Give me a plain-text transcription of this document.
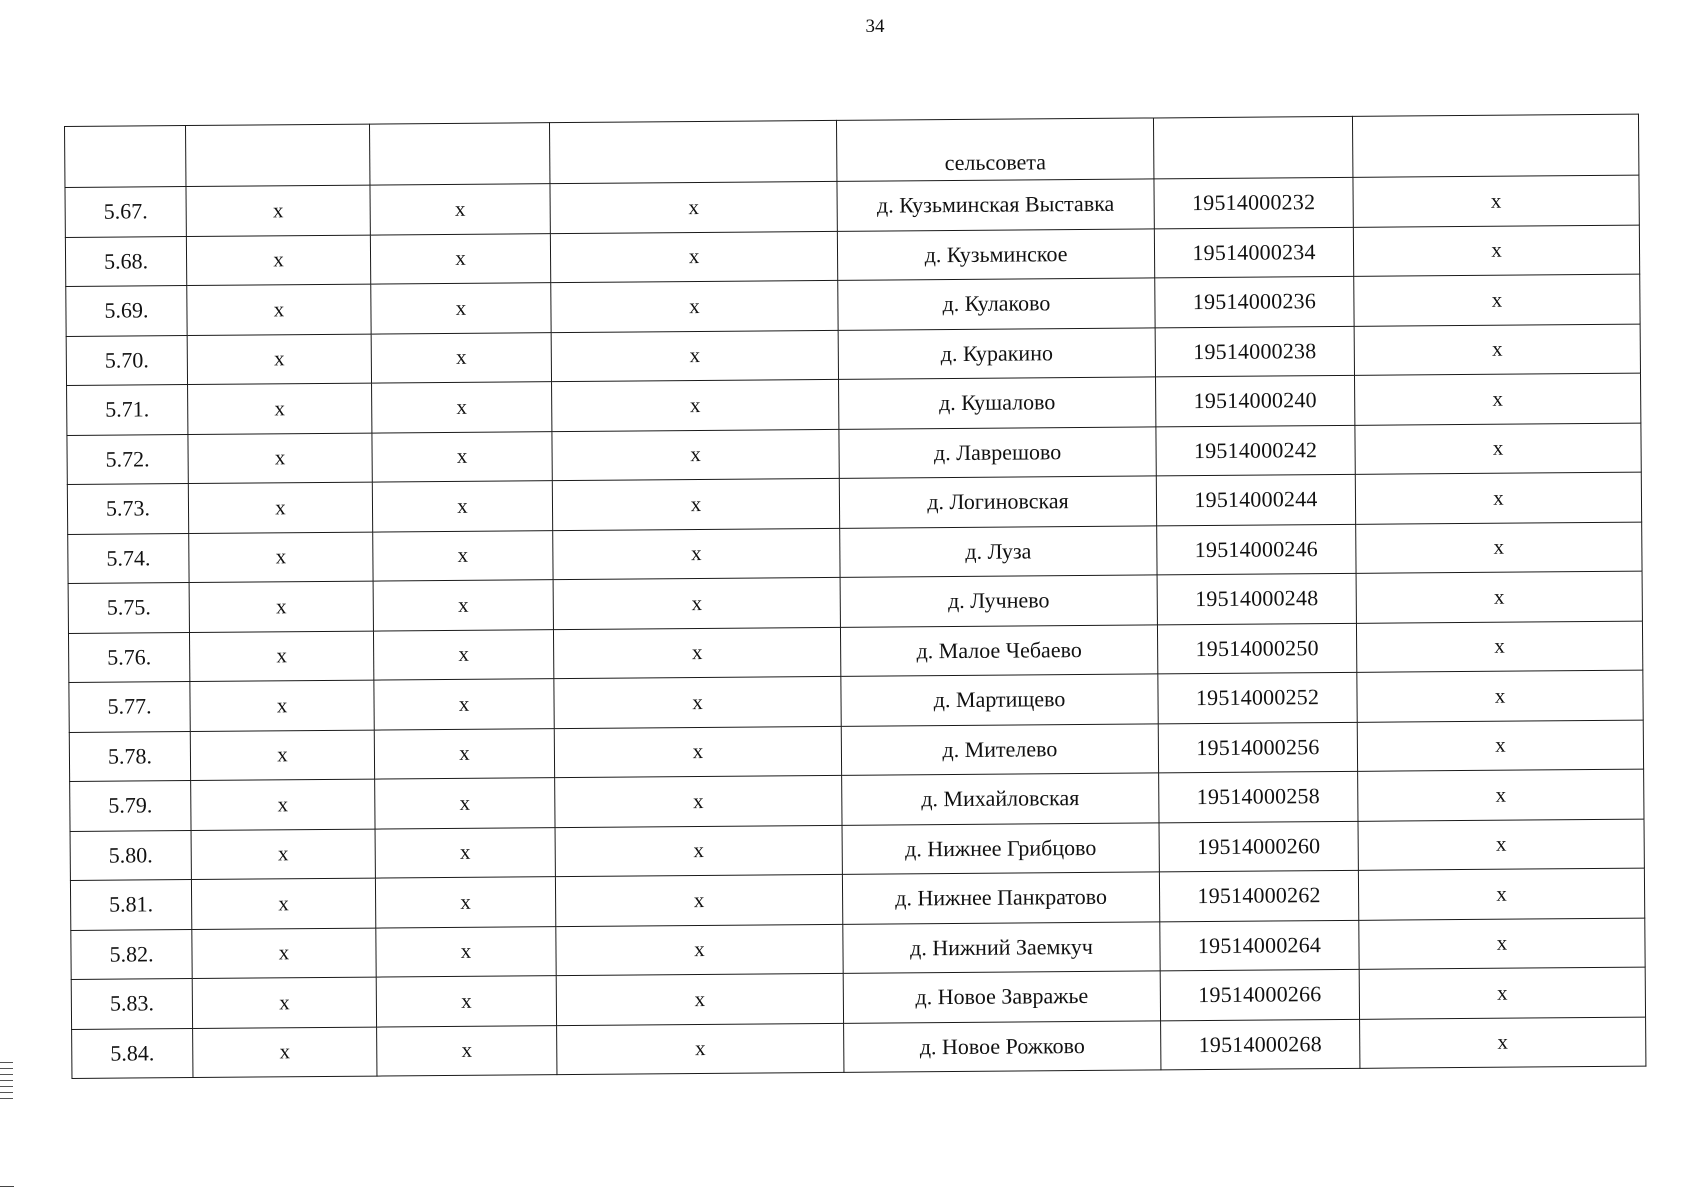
34
				сельсовета		
5.67.	х	х	х	д. Кузьминская Выставка	19514000232	х
5.68.	х	х	х	д. Кузьминское	19514000234	х
5.69.	х	х	х	д. Кулаково	19514000236	х
5.70.	х	х	х	д. Куракино	19514000238	х
5.71.	х	х	х	д. Кушалово	19514000240	х
5.72.	х	х	х	д. Лаврешово	19514000242	х
5.73.	х	х	х	д. Логиновская	19514000244	х
5.74.	х	х	х	д. Луза	19514000246	х
5.75.	х	х	х	д. Лучнево	19514000248	х
5.76.	х	х	х	д. Малое Чебаево	19514000250	х
5.77.	х	х	х	д. Мартищево	19514000252	х
5.78.	х	х	х	д. Мителево	19514000256	х
5.79.	х	х	х	д. Михайловская	19514000258	х
5.80.	х	х	х	д. Нижнее Грибцово	19514000260	х
5.81.	х	х	х	д. Нижнее Панкратово	19514000262	х
5.82.	х	х	х	д. Нижний Заемкуч	19514000264	х
5.83.	х	х	х	д. Новое Завражье	19514000266	х
5.84.	х	х	х	д. Новое Рожково	19514000268	х
